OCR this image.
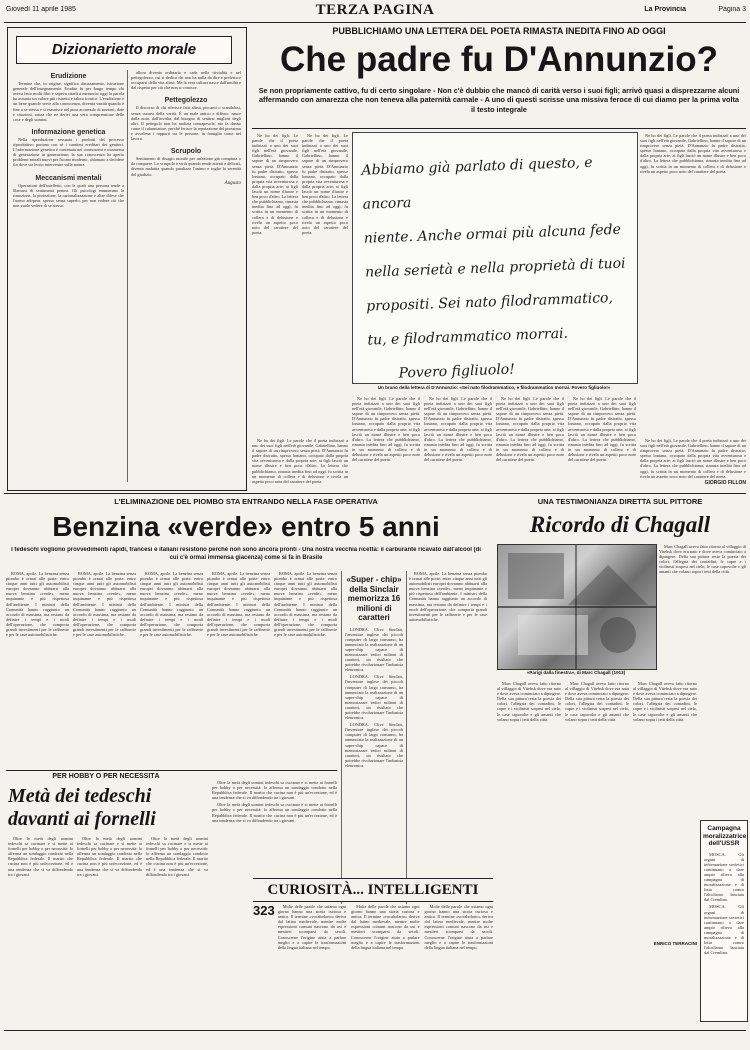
Giovedì 11 aprile 1985	TERZA PAGINA	La Provincia	Pagina 3
Dizionarietto morale
Erudizione

Termine che, in origine, significa dirozzamento, istruzione generale dell'insegnamento. Erudito fu per lungo tempo chi aveva letto molti libri e sapeva citarli a memoria; oggi la parola ha assunto un valore più ristretto e talora ironico. L'erudizione è un bene quando serve alla conoscenza, diventa vanità quando è fine a se stessa e si esaurisce nel puro accumulo di nozioni, date e citazioni, senza che ne derivi una vera comprensione delle cose e degli uomini.

Informazione genetica

Nella riproduzione sessuata i prodotti del processo riproduttivo portano con sé i caratteri ereditari dei genitori. L'informazione genetica è contenuta nei cromosomi e trasmessa di generazione in generazione; la sua conoscenza ha aperto problemi morali nuovi per l'uomo moderno, chiamato a decidere fin dove sia lecito intervenire sulla natura.

Meccanismi mentali

Operazioni dell'intelletto, con le quali una persona tende a liberarsi di sentimenti penosi. Gli psicologi enumerano la rimozione, la proiezione, la razionalizzazione e altre difese che l'uomo adopera, spesso senza saperlo, per non vedere ciò che non vuole vedere di se stesso.

allora diventa ordinario e cade nella trivialità e nel pettegolezzo, cui si dedica chi non ha nulla da dire e preferisce occuparsi della vita altrui. Ma la vera cultura nasce dall'umiltà e dal rispetto per ciò che non si conosce.

Pettegolezzo

Il discorso di chi riferisce fatti altrui, piccanti o scandalosi, senza curarsi della verità. È un male antico e diffuso: nasce dalla noia, dall'invidia, dal bisogno di sentirsi migliori degli altri. Il pettegolo non ha malizia consapevole, ma fa danno come il calunniatore, perché ferisce la reputazione del prossimo e avvelena i rapporti tra le persone, in famiglia come nel lavoro.

Scrupolo

Sentimento di disagio morale per un'azione già compiuta o da compiere. Lo scrupolo è virtù quando rende attenti e delicati, diventa malattia quando paralizza l'animo e toglie la serenità del giudizio.

Augusto
PUBBLICHIAMO UNA LETTERA DEL POETA RIMASTA INEDITA FINO AD OGGI
Che padre fu D'Annunzio?
Se non propriamente cattivo, fu di certo singolare - Non c'è dubbio che mancò di carità verso i suoi figli; arrivò quasi a disprezzarne alcuni affermando con amarezza che non teneva alla paternità carnale - A uno di questi scrisse una missiva feroce di cui diamo per la prima volta il testo integrale

Ne ho dei figli. Le parole che il poeta indirizzò a uno dei suoi figli nell'età giovanile, Gabriellino, hanno il sapore di un rimprovero senza pietà. D'Annunzio fu padre distratto, spesso lontano, occupato dalla propria vita avventurosa e dalla propria arte; ai figli lasciò un nome illustre e ben poco d'altro. La lettera che pubblichiamo, rimasta inedita fino ad oggi, fu scritta in un momento di collera e di delusione e rivela un aspetto poco noto del carattere del poeta.

Ne ho dei figli. Le parole che il poeta indirizzò a uno dei suoi figli nell'età giovanile, Gabriellino, hanno il sapore di un rimprovero senza pietà. D'Annunzio fu padre distratto, spesso lontano, occupato dalla propria vita avventurosa e dalla propria arte; ai figli lasciò un nome illustre e ben poco d'altro. La lettera che pubblichiamo, rimasta inedita fino ad oggi, fu scritta in un momento di collera e di delusione e rivela un aspetto poco noto del carattere del poeta.

Abbiamo già parlato di questo, e ancora
niente. Anche ormai più alcuna fede
nella serietà e nella proprietà di tuoi
propositi. Sei nato filodrammatico,
tu, e filodrammatico morrai.
Povero figliuolo!

Ne ho dei figli. Le parole che il poeta indirizzò a uno dei suoi figli nell'età giovanile, Gabriellino, hanno il sapore di un rimprovero senza pietà. D'Annunzio fu padre distratto, spesso lontano, occupato dalla propria vita avventurosa e dalla propria arte; ai figli lasciò un nome illustre e ben poco d'altro. La lettera che pubblichiamo, rimasta inedita fino ad oggi, fu scritta in un momento di collera e di delusione e rivela un aspetto poco noto del carattere del poeta.

Un brano della lettera di D'Annunzio: «Sei nato filodrammatico, e filodrammatico morrai. Povero figliuolo!»

Ne ho dei figli. Le parole che il poeta indirizzò a uno dei suoi figli nell'età giovanile, Gabriellino, hanno il sapore di un rimprovero senza pietà. D'Annunzio fu padre distratto, spesso lontano, occupato dalla propria vita avventurosa e dalla propria arte; ai figli lasciò un nome illustre e ben poco d'altro. La lettera che pubblichiamo, rimasta inedita fino ad oggi, fu scritta in un momento di collera e di delusione e rivela un aspetto poco noto del carattere del poeta.

Ne ho dei figli. Le parole che il poeta indirizzò a uno dei suoi figli nell'età giovanile, Gabriellino, hanno il sapore di un rimprovero senza pietà. D'Annunzio fu padre distratto, spesso lontano, occupato dalla propria vita avventurosa e dalla propria arte; ai figli lasciò un nome illustre e ben poco d'altro. La lettera che pubblichiamo, rimasta inedita fino ad oggi, fu scritta in un momento di collera e di delusione e rivela un aspetto poco noto del carattere del poeta.

Ne ho dei figli. Le parole che il poeta indirizzò a uno dei suoi figli nell'età giovanile, Gabriellino, hanno il sapore di un rimprovero senza pietà. D'Annunzio fu padre distratto, spesso lontano, occupato dalla propria vita avventurosa e dalla propria arte; ai figli lasciò un nome illustre e ben poco d'altro. La lettera che pubblichiamo, rimasta inedita fino ad oggi, fu scritta in un momento di collera e di delusione e rivela un aspetto poco noto del carattere del poeta.

Ne ho dei figli. Le parole che il poeta indirizzò a uno dei suoi figli nell'età giovanile, Gabriellino, hanno il sapore di un rimprovero senza pietà. D'Annunzio fu padre distratto, spesso lontano, occupato dalla propria vita avventurosa e dalla propria arte; ai figli lasciò un nome illustre e ben poco d'altro. La lettera che pubblichiamo, rimasta inedita fino ad oggi, fu scritta in un momento di collera e di delusione e rivela un aspetto poco noto del carattere del poeta.

Ne ho dei figli. Le parole che il poeta indirizzò a uno dei suoi figli nell'età giovanile, Gabriellino, hanno il sapore di un rimprovero senza pietà. D'Annunzio fu padre distratto, spesso lontano, occupato dalla propria vita avventurosa e dalla propria arte; ai figli lasciò un nome illustre e ben poco d'altro. La lettera che pubblichiamo, rimasta inedita fino ad oggi, fu scritta in un momento di collera e di delusione e rivela un aspetto poco noto del carattere del poeta.

Ne ho dei figli. Le parole che il poeta indirizzò a uno dei suoi figli nell'età giovanile, Gabriellino, hanno il sapore di un rimprovero senza pietà. D'Annunzio fu padre distratto, spesso lontano, occupato dalla propria vita avventurosa e dalla propria arte; ai figli lasciò un nome illustre e ben poco d'altro. La lettera che pubblichiamo, rimasta inedita fino ad oggi, fu scritta in un momento di collera e di delusione e rivela un aspetto poco noto del carattere del poeta.

GIORGIO FILLON
L'ELIMINAZIONE DEL PIOMBO STA ENTRANDO NELLA FASE OPERATIVA
Benzina «verde» entro 5 anni
I tedeschi vogliono provvedimenti rapidi, francesi e italiani resistono perché non sono ancora pronti - Una nostra vecchia ricetta: il carburante ricavato dall'alcool (di cui c'è ormai immensa giacenza) come si fa in Brasile

ROMA, aprile. La benzina senza piombo è ormai alle porte: entro cinque anni tutti gli automobilisti europei dovranno abituarsi alla nuova benzina «verde», meno inquinante e più rispettosa dell'ambiente. I ministri della Comunità hanno raggiunto un accordo di massima, ma restano da definire i tempi e i modi dell'operazione, che comporta grandi investimenti per le raffinerie e per le case automobilistiche.

ROMA, aprile. La benzina senza piombo è ormai alle porte: entro cinque anni tutti gli automobilisti europei dovranno abituarsi alla nuova benzina «verde», meno inquinante e più rispettosa dell'ambiente. I ministri della Comunità hanno raggiunto un accordo di massima, ma restano da definire i tempi e i modi dell'operazione, che comporta grandi investimenti per le raffinerie e per le case automobilistiche.

ROMA, aprile. La benzina senza piombo è ormai alle porte: entro cinque anni tutti gli automobilisti europei dovranno abituarsi alla nuova benzina «verde», meno inquinante e più rispettosa dell'ambiente. I ministri della Comunità hanno raggiunto un accordo di massima, ma restano da definire i tempi e i modi dell'operazione, che comporta grandi investimenti per le raffinerie e per le case automobilistiche.

ROMA, aprile. La benzina senza piombo è ormai alle porte: entro cinque anni tutti gli automobilisti europei dovranno abituarsi alla nuova benzina «verde», meno inquinante e più rispettosa dell'ambiente. I ministri della Comunità hanno raggiunto un accordo di massima, ma restano da definire i tempi e i modi dell'operazione, che comporta grandi investimenti per le raffinerie e per le case automobilistiche.

ROMA, aprile. La benzina senza piombo è ormai alle porte: entro cinque anni tutti gli automobilisti europei dovranno abituarsi alla nuova benzina «verde», meno inquinante e più rispettosa dell'ambiente. I ministri della Comunità hanno raggiunto un accordo di massima, ma restano da definire i tempi e i modi dell'operazione, che comporta grandi investimenti per le raffinerie e per le case automobilistiche.

«Super - chip» della Sinclair memorizza 16 milioni di caratteri

LONDRA. Clive Sinclair, l'inventore inglese dei piccoli computer di largo consumo, ha annunciato la realizzazione di un super-chip capace di memorizzare sedici milioni di caratteri, un risultato che potrebbe rivoluzionare l'industria elettronica.

LONDRA. Clive Sinclair, l'inventore inglese dei piccoli computer di largo consumo, ha annunciato la realizzazione di un super-chip capace di memorizzare sedici milioni di caratteri, un risultato che potrebbe rivoluzionare l'industria elettronica.

LONDRA. Clive Sinclair, l'inventore inglese dei piccoli computer di largo consumo, ha annunciato la realizzazione di un super-chip capace di memorizzare sedici milioni di caratteri, un risultato che potrebbe rivoluzionare l'industria elettronica.

ROMA, aprile. La benzina senza piombo è ormai alle porte: entro cinque anni tutti gli automobilisti europei dovranno abituarsi alla nuova benzina «verde», meno inquinante e più rispettosa dell'ambiente. I ministri della Comunità hanno raggiunto un accordo di massima, ma restano da definire i tempi e i modi dell'operazione, che comporta grandi investimenti per le raffinerie e per le case automobilistiche.

UNA TESTIMONIANZA DIRETTA SUL PITTORE
Ricordo di Chagall

Marc Chagall aveva fatto ritorno al villaggio di Vitebsk dove era nato e dove aveva cominciato a dipingere. Della sua pittura resta la poesia dei colori, l'allegria dei contadini, le capre e i violinisti sospesi nel cielo, le case capovolte e gli amanti che volano sopra i tetti della città.

«Parigi dalla finestra», di Marc Chagall (1913)

Marc Chagall aveva fatto ritorno al villaggio di Vitebsk dove era nato e dove aveva cominciato a dipingere. Della sua pittura resta la poesia dei colori, l'allegria dei contadini, le capre e i violinisti sospesi nel cielo, le case capovolte e gli amanti che volano sopra i tetti della città.

Marc Chagall aveva fatto ritorno al villaggio di Vitebsk dove era nato e dove aveva cominciato a dipingere. Della sua pittura resta la poesia dei colori, l'allegria dei contadini, le capre e i violinisti sospesi nel cielo, le case capovolte e gli amanti che volano sopra i tetti della città.

Marc Chagall aveva fatto ritorno al villaggio di Vitebsk dove era nato e dove aveva cominciato a dipingere. Della sua pittura resta la poesia dei colori, l'allegria dei contadini, le capre e i violinisti sospesi nel cielo, le case capovolte e gli amanti che volano sopra i tetti della città.

ENRICO TERRACINI
Campagna moralizzatrice dell'USSR

MOSCA. Gli organi di informazione sovietici continuano a dare ampio rilievo alla campagna di moralizzazione e di lotta contro l'alcolismo lanciata dal Cremlino.

MOSCA. Gli organi di informazione sovietici continuano a dare ampio rilievo alla campagna di moralizzazione e di lotta contro l'alcolismo lanciata dal Cremlino.

PER HOBBY O PER NECESSITÀ
Metà dei tedeschi davanti ai fornelli

Oltre la metà degli uomini tedeschi sa cucinare e si mette ai fornelli per hobby o per necessità: lo afferma un sondaggio condotto nella Repubblica federale. Il marito che cucina non è più un'eccezione, ed è una tendenza che si va diffondendo tra i giovani.

Oltre la metà degli uomini tedeschi sa cucinare e si mette ai fornelli per hobby o per necessità: lo afferma un sondaggio condotto nella Repubblica federale. Il marito che cucina non è più un'eccezione, ed è una tendenza che si va diffondendo tra i giovani.

Oltre la metà degli uomini tedeschi sa cucinare e si mette ai fornelli per hobby o per necessità: lo afferma un sondaggio condotto nella Repubblica federale. Il marito che cucina non è più un'eccezione, ed è una tendenza che si va diffondendo tra i giovani.

Oltre la metà degli uomini tedeschi sa cucinare e si mette ai fornelli per hobby o per necessità: lo afferma un sondaggio condotto nella Repubblica federale. Il marito che cucina non è più un'eccezione, ed è una tendenza che si va diffondendo tra i giovani.

Oltre la metà degli uomini tedeschi sa cucinare e si mette ai fornelli per hobby o per necessità: lo afferma un sondaggio condotto nella Repubblica federale. Il marito che cucina non è più un'eccezione, ed è una tendenza che si va diffondendo tra i giovani.

CURIOSITÀ... INTELLIGENTI
323	Molte delle parole che usiamo ogni giorno hanno una storia curiosa e antica. Il termine «vocabolario» deriva dal latino medievale, mentre molte espressioni comuni nascono da usi e mestieri scomparsi da secoli. Conoscerne l'origine aiuta a parlare meglio e a capire le trasformazioni della lingua italiana nel tempo.

Molte delle parole che usiamo ogni giorno hanno una storia curiosa e antica. Il termine «vocabolario» deriva dal latino medievale, mentre molte espressioni comuni nascono da usi e mestieri scomparsi da secoli. Conoscerne l'origine aiuta a parlare meglio e a capire le trasformazioni della lingua italiana nel tempo.

Molte delle parole che usiamo ogni giorno hanno una storia curiosa e antica. Il termine «vocabolario» deriva dal latino medievale, mentre molte espressioni comuni nascono da usi e mestieri scomparsi da secoli. Conoscerne l'origine aiuta a parlare meglio e a capire le trasformazioni della lingua italiana nel tempo.
